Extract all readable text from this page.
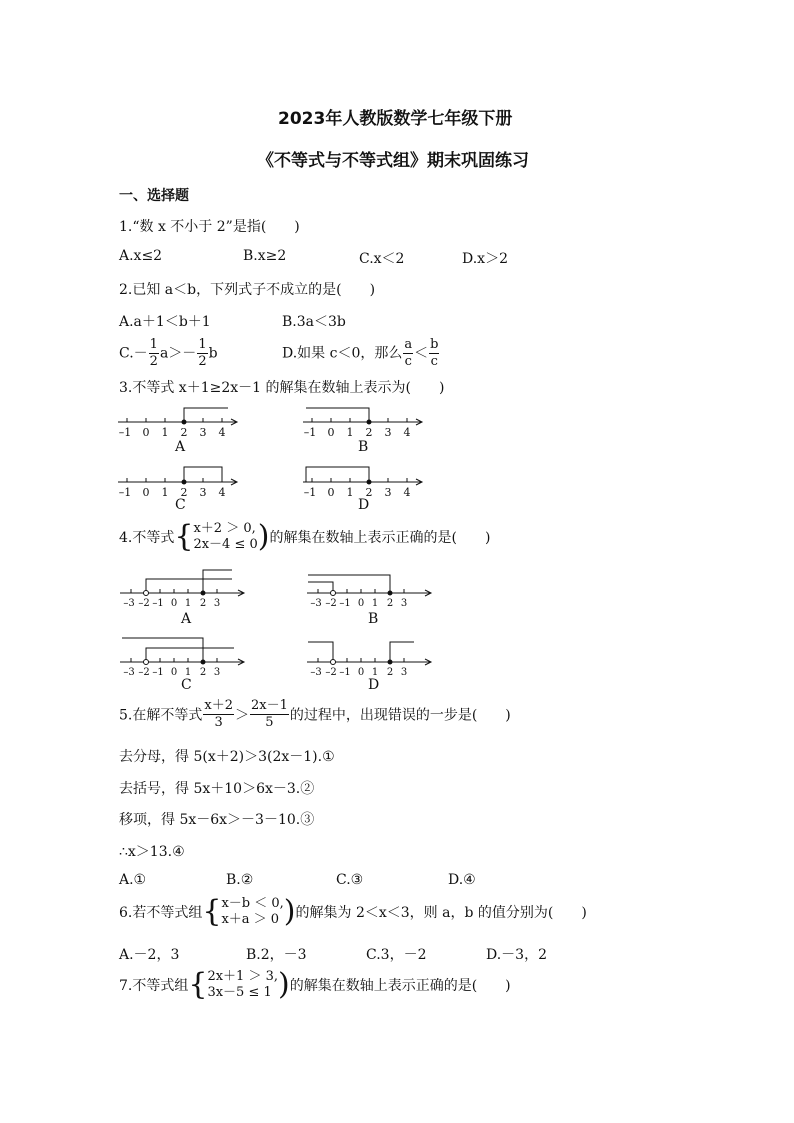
2023年人教版数学七年级下册
《不等式与不等式组》期末巩固练习
一、选择题
1.“数 x 不小于 2”是指(　　)
A.x≤2	B.x≥2	C.x＜2	D.x＞2
2.已知 a＜b，下列式子不成立的是(　　)
A.a＋1＜b＋1	B.3a＜3b
$C.- \frac{1}{2} a>- \frac{1}{2}$ b	D.如果 c＜0，那么 $\frac{a}{c} < \frac{b}{c}$
3.不等式 x＋1≥2x－1 的解集在数轴上表示为(　　)
–1 0 1 2 3 4	–1 0 1 2 3 4
–1 0 1 2 3 4	–1 0 1 2 3 4
A	B
C	D
4.不等式{ x＋2 ＞ 0,
2x－4 ≤ 0 )的解集在数轴上表示正确的是(　　)
–3 –2 –1 0 1 2 3	–3 –2 –1 0 1 2 3
–3 –2 –1 0 1 2 3	–3 –2 –1 0 1 2 3
A	B
C	D
5.在解不等式 $\frac{x+2}{3} > \frac{2x-1}{5}$ 的过程中，出现错误的一步是(　　)
去分母，得 5(x＋2)＞3(2x－1).①
去括号，得 5x＋10＞6x－3.②
移项，得 5x－6x＞－3－10.③
∴x＞13.④
A.①	B.②	C.③	D.④
6.若不等式组{ x－b ＜ 0,
x＋a ＞ 0 )的解集为 2＜x＜3，则 a，b 的值分别为(　　)
A.－2，3	B.2，－3	C.3，－2	D.－3，2
7.不等式组{ 2x＋1 ＞ 3,
3x－5 ≤ 1 )的解集在数轴上表示正确的是(　　)
